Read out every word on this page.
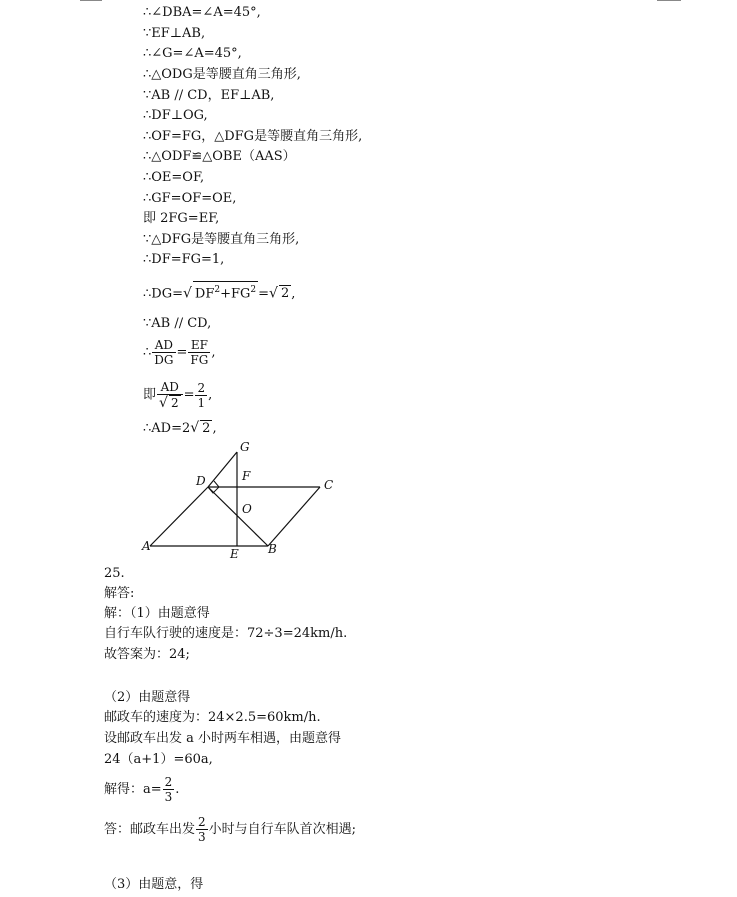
∴∠DBA=∠A=45°,
∵EF⊥AB,
∴∠G=∠A=45°,
∴△ODG是等腰直角三角形,
∵AB // CD，EF⊥AB,
∴DF⊥OG,
∴OF=FG，△DFG是等腰直角三角形,
∴△ODF≌△OBE（AAS）
∴OE=OF,
∴GF=OF=OE,
即 2FG=EF,
∵△DFG是等腰直角三角形,
∴DF=FG=1,
∴DG=√ $DF^2+FG^2$ =√ 2 ,
∵AB // CD,
∴ $\frac{AD}{DG} = \frac{EF}{FG}$ ,
即 $\frac{AD}{√ 2} = \frac{2}{1}$ ,
∴AD=2√ 2 ,
G
D	F
C
O
A
E B
25.
解答:
解：（1）由题意得
自行车队行驶的速度是：72÷3=24km/h.
故答案为：24;
（2）由题意得
邮政车的速度为：24×2.5=60km/h.
设邮政车出发 a 小时两车相遇，由题意得
24（a+1）=60a,
解得：$a= \frac{2}{3}$ .
答：邮政车出发 $\frac{2}{3}$ 小时与自行车队首次相遇;
（3）由题意，得
